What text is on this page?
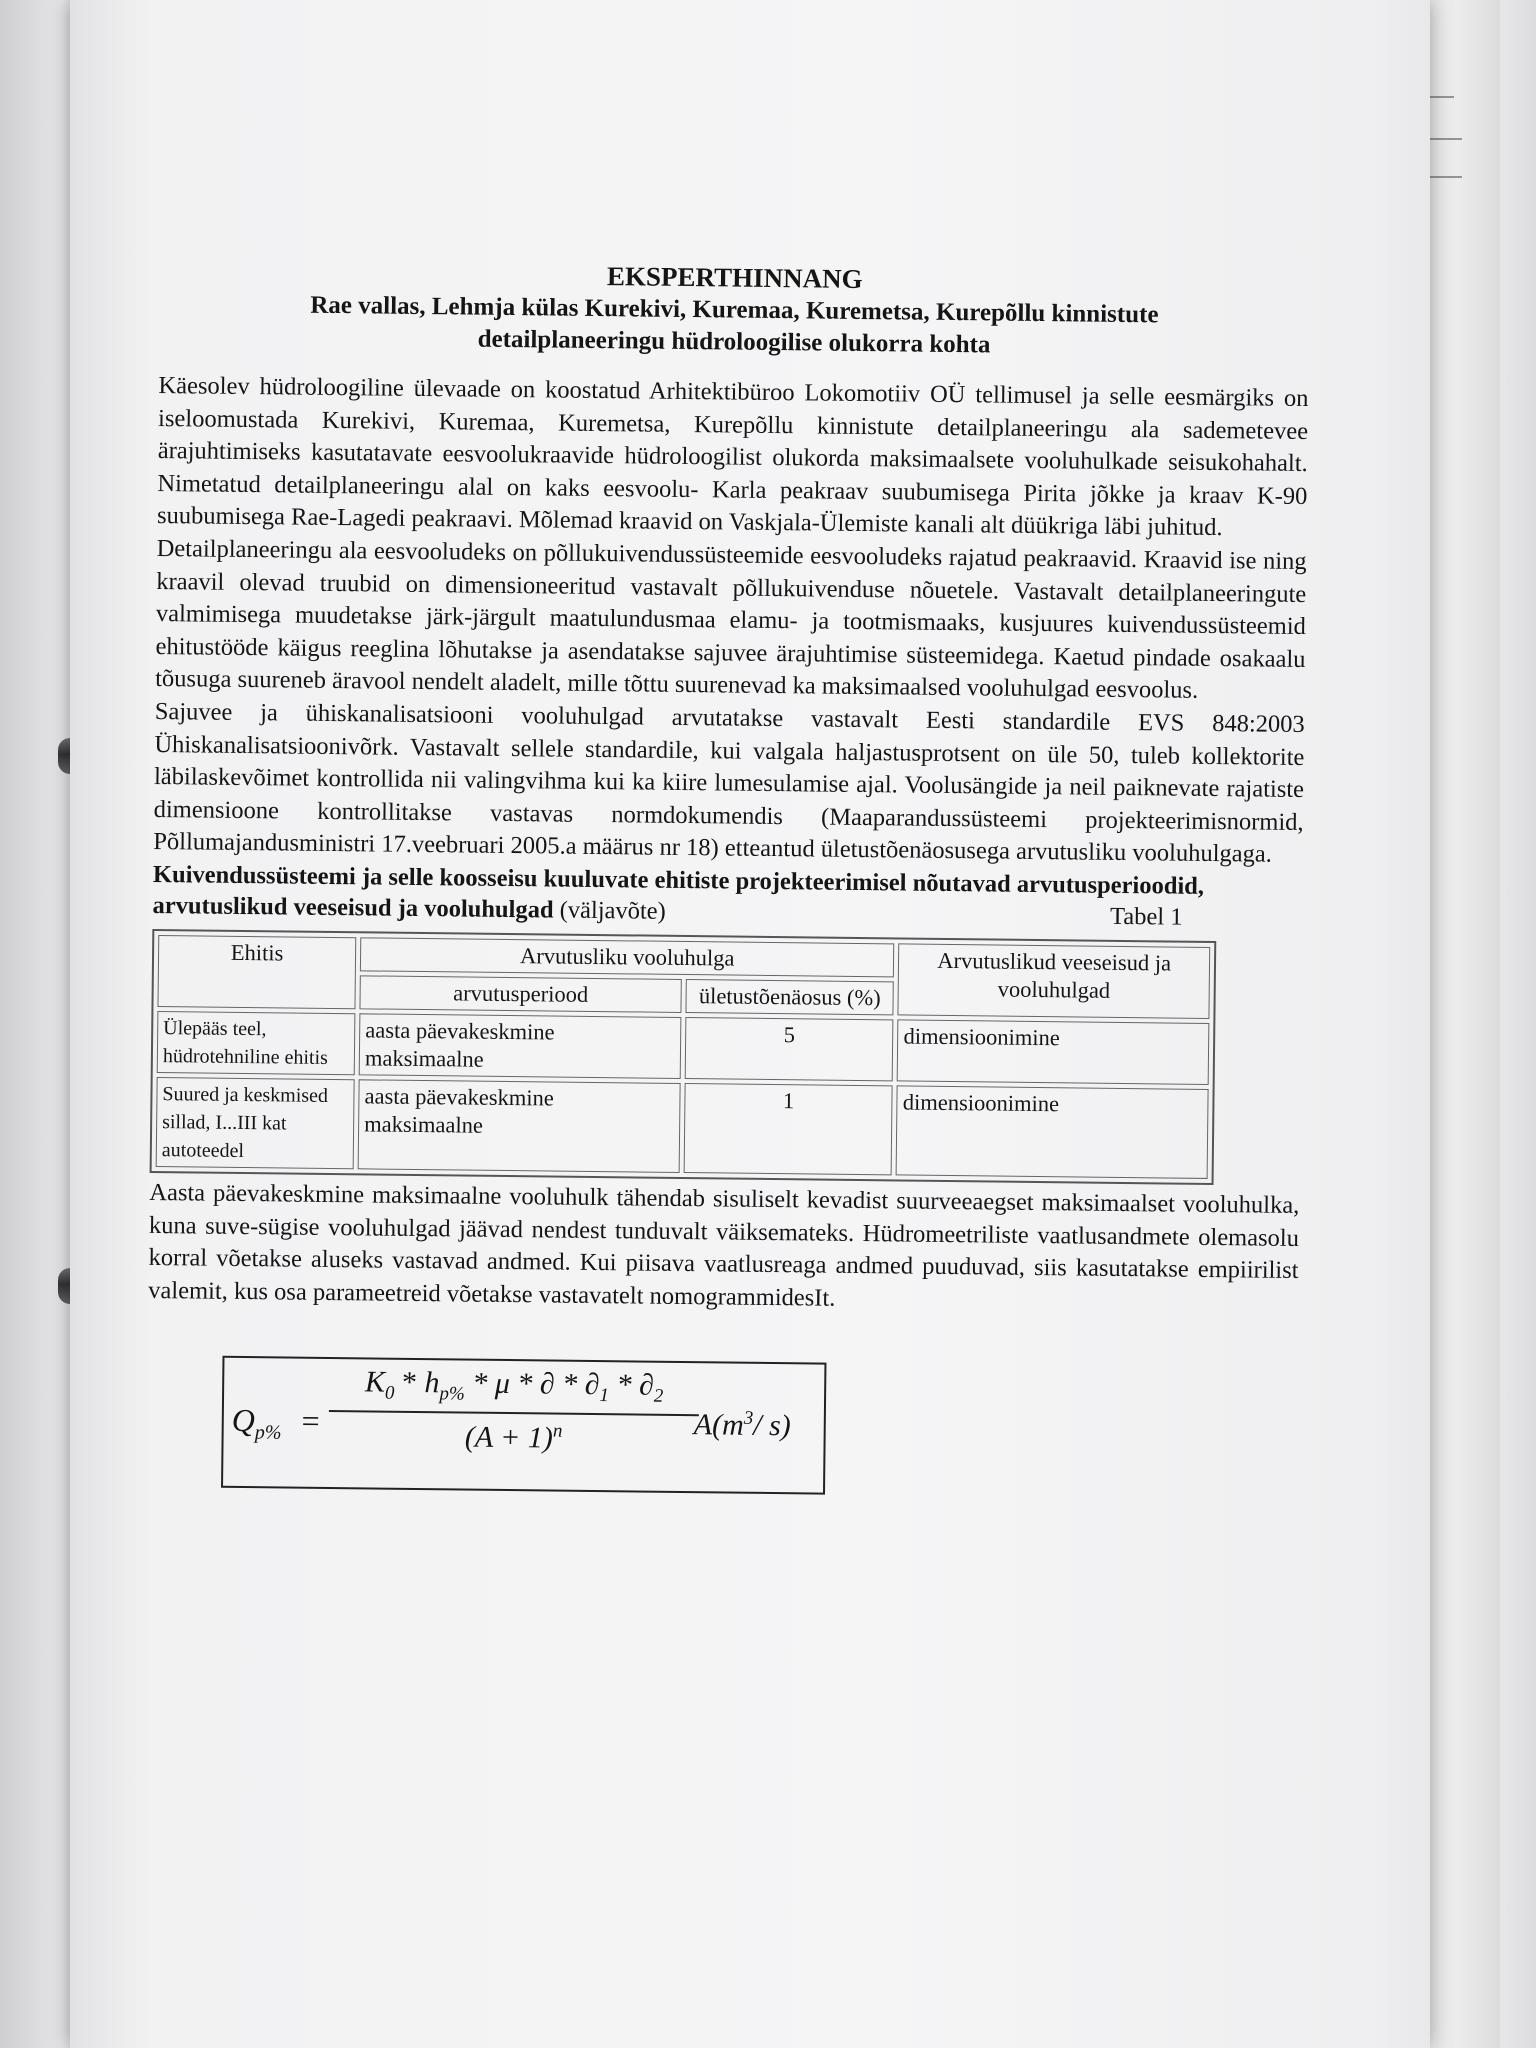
EKSPERTHINNANG
Rae vallas, Lehmja külas Kurekivi, Kuremaa, Kuremetsa, Kurepõllu kinnistute
detailplaneeringu hüdroloogilise olukorra kohta

Käesolev hüdroloogiline ülevaade on koostatud Arhitektibüroo Lokomotiiv OÜ tellimusel ja selle eesmärgiks on iseloomustada Kurekivi, Kuremaa, Kuremetsa, Kurepõllu kinnistute detailplaneeringu ala sademetevee ärajuhtimiseks kasutatavate eesvoolukraavide hüdroloogilist olukorda maksimaalsete vooluhulkade seisukohahalt. Nimetatud detailplaneeringu alal on kaks eesvoolu- Karla peakraav suubumisega Pirita jõkke ja kraav K-90 suubumisega Rae-Lagedi peakraavi. Mõlemad kraavid on Vaskjala-Ülemiste kanali alt düükriga läbi juhitud.

Detailplaneeringu ala eesvooludeks on põllukuivendussüsteemide eesvooludeks rajatud peakraavid. Kraavid ise ning kraavil olevad truubid on dimensioneeritud vastavalt põllukuivenduse nõuetele. Vastavalt detailplaneeringute valmimisega muudetakse järk-järgult maatulundusmaa elamu- ja tootmismaaks, kusjuures kuivendussüsteemid ehitustööde käigus reeglina lõhutakse ja asendatakse sajuvee ärajuhtimise süsteemidega. Kaetud pindade osakaalu tõusuga suureneb äravool nendelt aladelt, mille tõttu suurenevad ka maksimaalsed vooluhulgad eesvoolus.

Sajuvee ja ühiskanalisatsiooni vooluhulgad arvutatakse vastavalt Eesti standardile EVS 848:2003 Ühiskanalisatsioonivõrk. Vastavalt sellele standardile, kui valgala haljastusprotsent on üle 50, tuleb kollektorite läbilaskevõimet kontrollida nii valingvihma kui ka kiire lumesulamise ajal. Voolusängide ja neil paiknevate rajatiste dimensioone kontrollitakse vastavas normdokumendis (Maaparandussüsteemi projekteerimisnormid, Põllumajandusministri 17.veebruari 2005.a määrus nr 18) etteantud ületustõenäosusega arvutusliku vooluhulgaga.

Kuivendussüsteemi ja selle koosseisu kuuluvate ehitiste projekteerimisel nõutavad arvutusperioodid, arvutuslikud veeseisud ja vooluhulgad (väljavõte)	Tabel 1
Ehitis	Arvutusliku vooluhulga		Arvutuslikud veeseisud ja vooluhulgad
	arvutusperiood	ületustõenäosus (%)	
Ülepääs teel, hüdrotehniline ehitis	aasta päevakeskmine maksimaalne	5	dimensioonimine
Suured ja keskmised sillad, I...III kat autoteedel	aasta päevakeskmine maksimaalne	1	dimensioonimine

Aasta päevakeskmine maksimaalne vooluhulk tähendab sisuliselt kevadist suurveeaegset maksimaalset vooluhulka, kuna suve-sügise vooluhulgad jäävad nendest tunduvalt väiksemateks. Hüdromeetriliste vaatlusandmete olemasolu korral võetakse aluseks vastavad andmed. Kui piisava vaatlusreaga andmed puuduvad, siis kasutatakse empiirilist valemit, kus osa parameetreid võetakse vastavatelt nomogrammidesIt.

$Q_{p\%} = \frac{K_0 * h_{p\%} * \mu * \partial * \partial_1 * \partial_2}{(A + 1)^n}$
$A(m^3/$ s)
